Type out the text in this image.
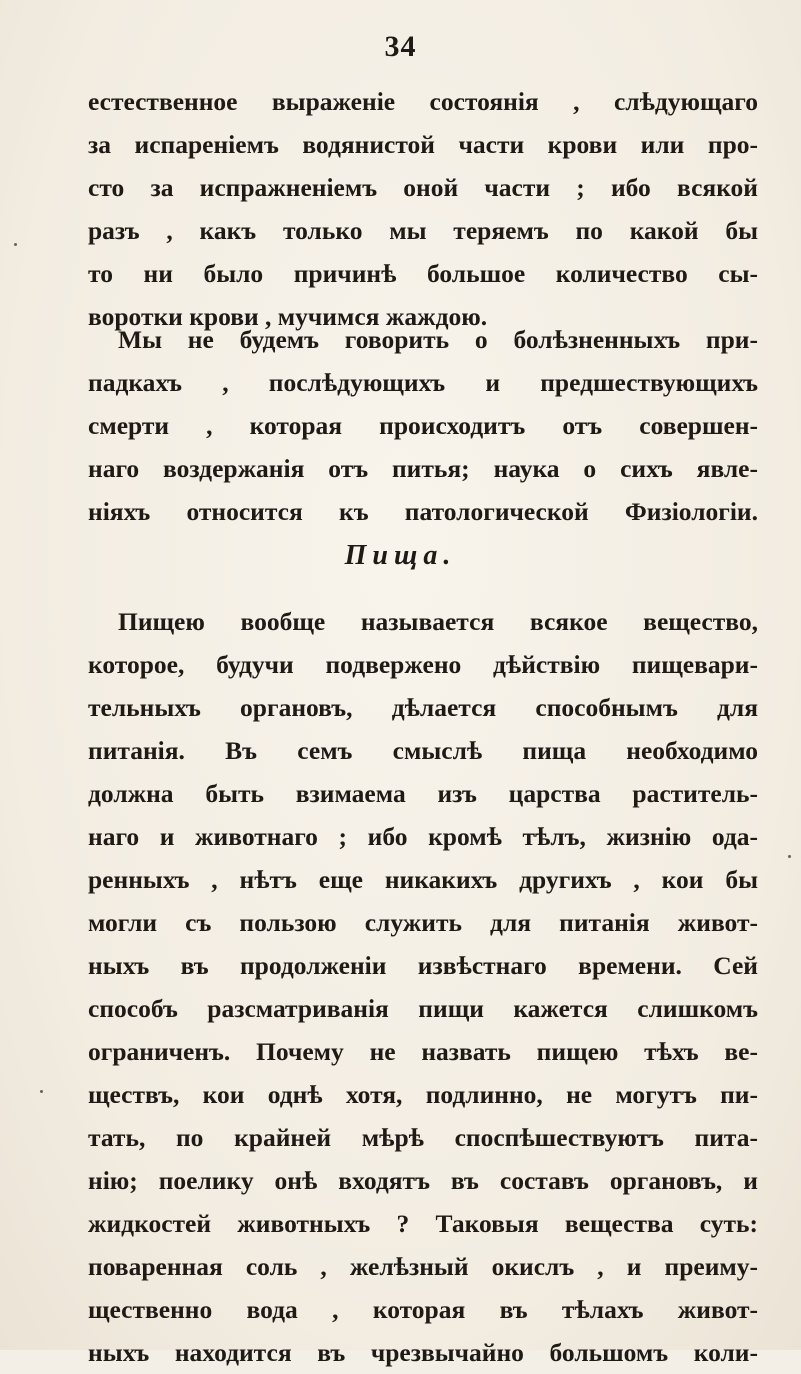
34
естественное выраженіе состоянія , слѣдующаго
за испареніемъ водянистой части крови или про-
сто за испражненіемъ оной части ; ибо всякой
разъ , какъ только мы теряемъ по какой бы
то ни было причинѣ большое количество сы-
воротки крови , мучимся жаждою.
Мы не будемъ говорить о болѣзненныхъ при-
падкахъ , послѣдующихъ и предшествующихъ
смерти , которая происходитъ отъ совершен-
наго воздержанія отъ питья; наука о сихъ явле-
ніяхъ относится къ патологической Физіологіи.
Пища.
Пищею вообще называется всякое вещество,
которое, будучи подвержено дѣйствію пищевари-
тельныхъ органовъ, дѣлается способнымъ для
питанія. Въ семъ смыслѣ пища необходимо
должна быть взимаема изъ царства раститель-
наго и животнаго ; ибо кромѣ тѣлъ, жизнію ода-
ренныхъ , нѣтъ еще никакихъ другихъ , кои бы
могли съ пользою служить для питанія живот-
ныхъ въ продолженіи извѣстнаго времени. Сей
способъ разсматриванія пищи кажется слишкомъ
ограниченъ. Почему не назвать пищею тѣхъ ве-
ществъ, кои однѣ хотя, подлинно, не могутъ пи-
тать, по крайней мѣрѣ споспѣшествуютъ пита-
нію; поелику онѣ входятъ въ составъ органовъ, и
жидкостей животныхъ ? Таковыя вещества суть:
поваренная соль , желѣзный окислъ , и преиму-
щественно вода , которая въ тѣлахъ живот-
ныхъ находится въ чрезвычайно большомъ коли-
